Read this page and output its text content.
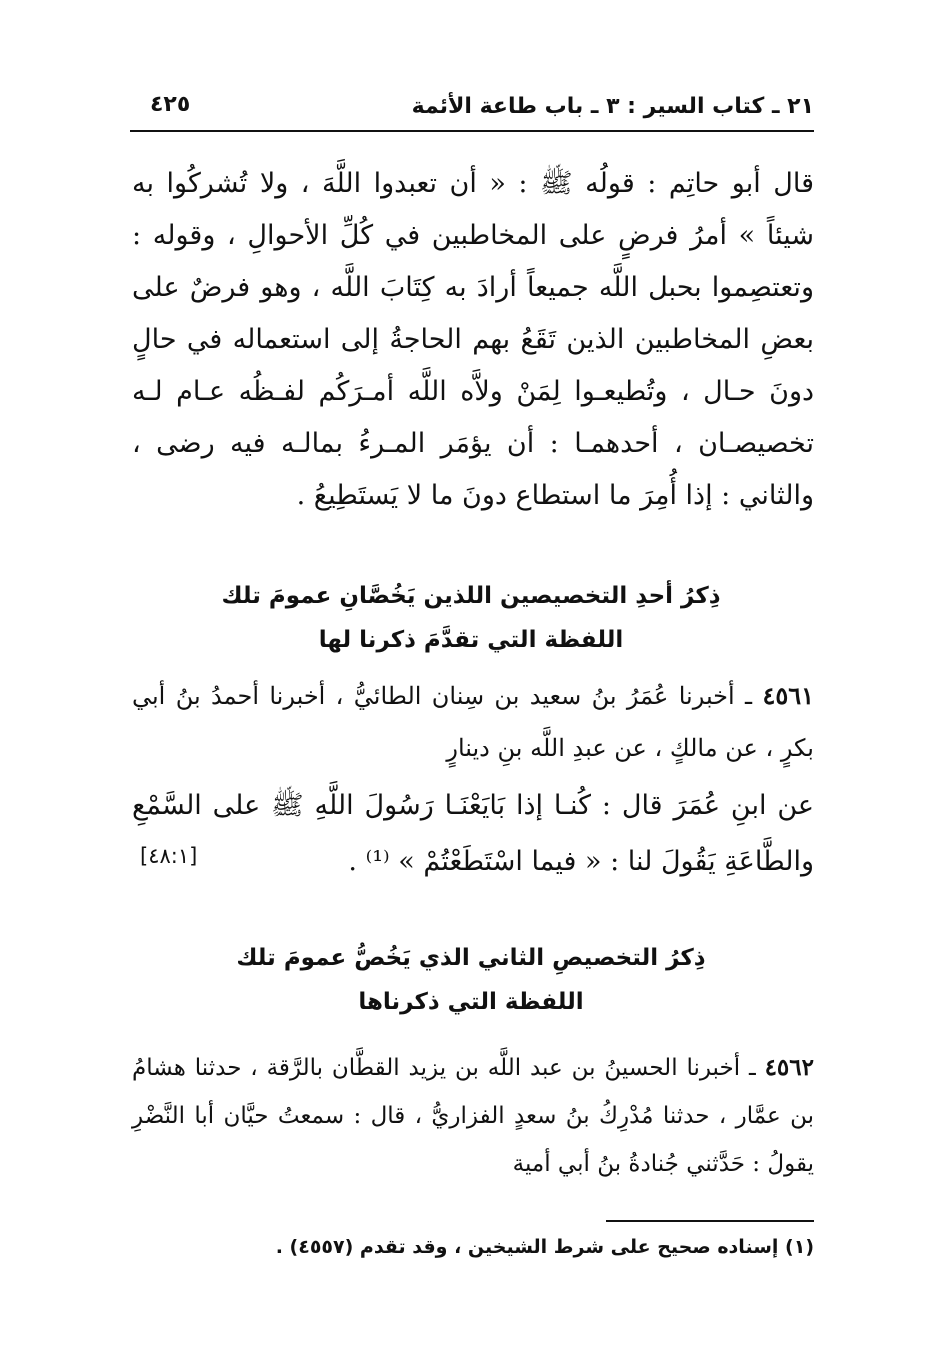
٢١ ـ كتاب السير : ٣ ـ باب طاعة الأئمة
٤٢٥
قال أبو حاتِم : قولُه ﷺ : « أن تعبدوا اللَّهَ ، ولا تُشركُوا به شيئاً » أمرُ فرضٍ على المخاطبين في كُلِّ الأحوالِ ، وقوله : وتعتصِموا بحبل اللَّه جميعاً أرادَ به كِتَابَ اللَّه ، وهو فرضٌ على بعضِ المخاطبين الذين تَقَعُ بهم الحاجةُ إلى استعماله في حالٍ دونَ حـال ، وتُطيعـوا لِمَنْ ولاَّه اللَّه أمـرَكُم لفـظُه عـام لـه تخصيصـان ، أحدهمـا : أن يؤمَر المـرءُ بمالـه فيه رضى ، والثاني : إذا أُمِرَ ما استطاع دونَ ما لا يَستَطِيعُ .
ذِكرُ أحدِ التخصيصين اللذين يَخُصَّانِ عمومَ تلك
اللفظة التي تقدَّمَ ذكرنا لها
٤٥٦١ ـ أخبرنا عُمَرُ بنُ سعيد بن سِنان الطائيُّ ، أخبرنا أحمدُ بنُ أبي بكرٍ ، عن مالكٍ ، عن عبدِ اللَّه بنِ دينارٍ
عن ابنِ عُمَرَ قال : كُنـا إذا بَايَعْنَـا رَسُولَ اللَّهِ ﷺ على السَّمْعِ والطَّاعَةِ يَقُولَ لنا : « فيما اسْتَطَعْتُمْ » ⁽¹⁾ .
[٤٨:١]
ذِكرُ التخصيصِ الثاني الذي يَخُصُّ عمومَ تلك
اللفظة التي ذكرناها
٤٥٦٢ ـ أخبرنا الحسينُ بن عبد اللَّه بن يزيد القطَّان بالرَّقة ، حدثنا هشامُ بن عمَّار ، حدثنا مُدْرِكُ بنُ سعدٍ الفزاريُّ ، قال : سمعتُ حيَّان أبا النَّضْرِ يقولُ : حَدَّثني جُنادةُ بنُ أبي أمية
(١) إسناده صحيح على شرط الشيخين ، وقد تقدم (٤٥٥٧) .
